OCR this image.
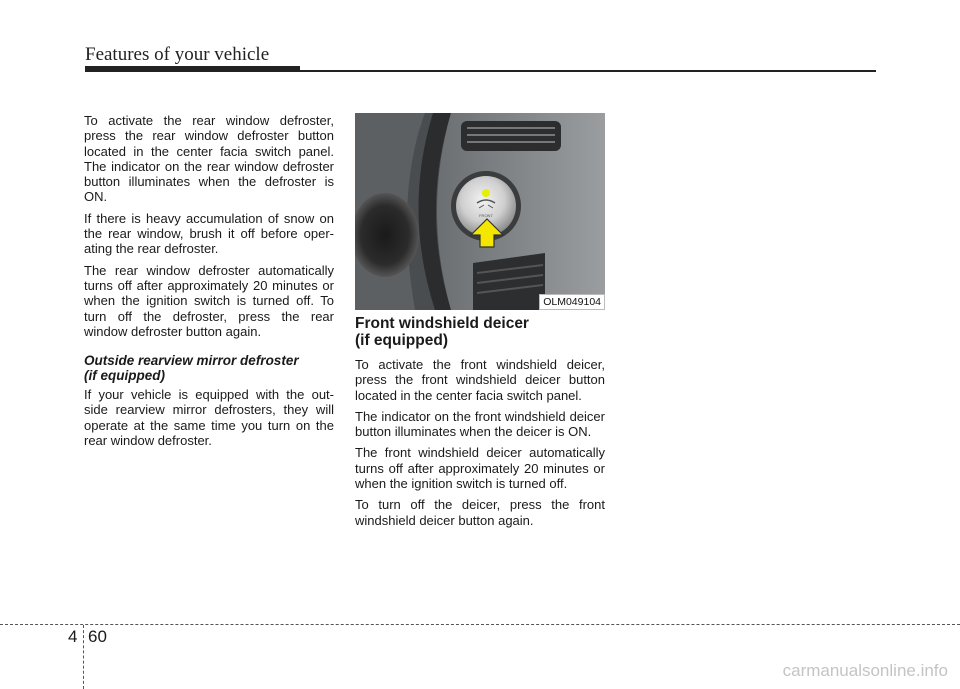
Features of your vehicle

To activate the rear window defroster, press the rear window defroster button located in the center facia switch panel. The indicator on the rear window defroster button illuminates when the defroster is ON.

If there is heavy accumulation of snow on the rear window, brush it off before oper- ating the rear defroster.

The rear window defroster automatically turns off after approximately 20 minutes or when the ignition switch is turned off. To turn off the defroster, press the rear window defroster button again.

Outside rearview mirror defroster
(if equipped)

If your vehicle is equipped with the out- side rearview mirror defrosters, they will operate at the same time you turn on the rear window defroster.

FRONT
OLM049104
Front windshield deicer
(if equipped)

To activate the front windshield deicer, press the front windshield deicer button located in the center facia switch panel.

The indicator on the front windshield deicer button illuminates when the deicer is ON.

The front windshield deicer automatically turns off after approximately 20 minutes or when the ignition switch is turned off.

To turn off the deicer, press the front windshield deicer button again.

4 60
carmanualsonline.info
